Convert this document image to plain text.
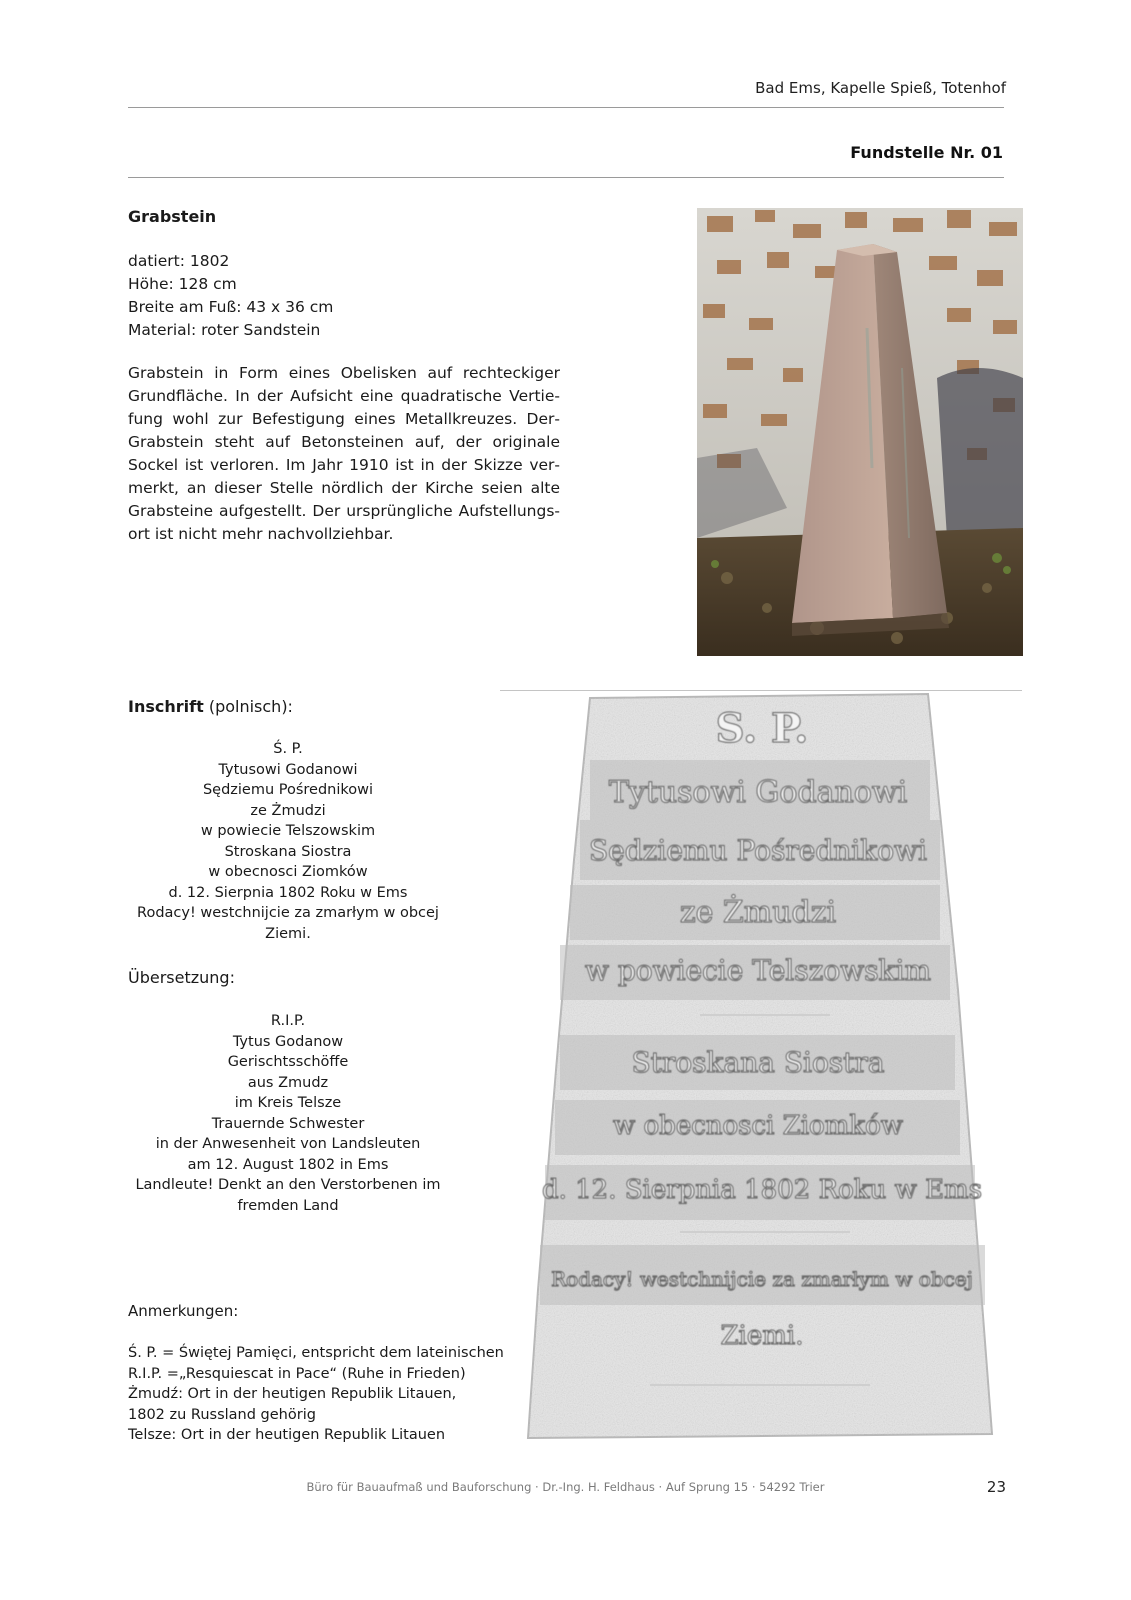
Bad Ems, Kapelle Spieß, Totenhof
Fundstelle Nr. 01
Grabstein
datiert: 1802
Höhe: 128 cm
Breite am Fuß: 43 x 36 cm
Material: roter Sandstein
Grabstein in Form eines Obelisken auf rechteckiger Grundfläche. In der Aufsicht eine quadratische Vertiefung wohl zur Befestigung eines Metallkreuzes. DerGrabstein steht auf Betonsteinen auf, der originale Sockel ist verloren. Im Jahr 1910 ist in der Skizze vermerkt, an dieser Stelle nördlich der Kirche seien alte Grabsteine aufgestellt. Der ursprüngliche Aufstellungsort ist nicht mehr nachvollziehbar.
Inschrift (polnisch):
Ś. P.
Tytusowi Godanowi
Sędziemu Pośrednikowi
ze Żmudzi
w powiecie Telszowskim
Stroskana Siostra
w obecnosci Ziomków
d. 12. Sierpnia 1802 Roku w Ems
Rodacy! westchnijcie za zmarłym w obcej
Ziemi.
Übersetzung:
R.I.P.
Tytus Godanow
Gerischtsschöffe
aus Zmudz
im Kreis Telsze
Trauernde Schwester
in der Anwesenheit von Landsleuten
am 12. August 1802 in Ems
Landleute! Denkt an den Verstorbenen im
fremden Land
Anmerkungen:
Ś. P. = Świętej Pamięci, entspricht dem lateinischen
R.I.P. =„Resquiescat in Pace“ (Ruhe in Frieden)
Żmudź: Ort in der heutigen Republik Litauen,
1802 zu Russland gehörig
Telsze: Ort in der heutigen Republik Litauen
S. P.
Tytusowi Godanowi
Sędziemu Pośrednikowi
ze Żmudzi
w powiecie Telszowskim
Stroskana Siostra
w obecnosci Ziomków
d. 12. Sierpnia 1802 Roku w Ems
Rodacy! westchnijcie za zmarłym w obcej
Ziemi.
Büro für Bauaufmaß und Bauforschung · Dr.-Ing. H. Feldhaus · Auf Sprung 15 · 54292 Trier	23
